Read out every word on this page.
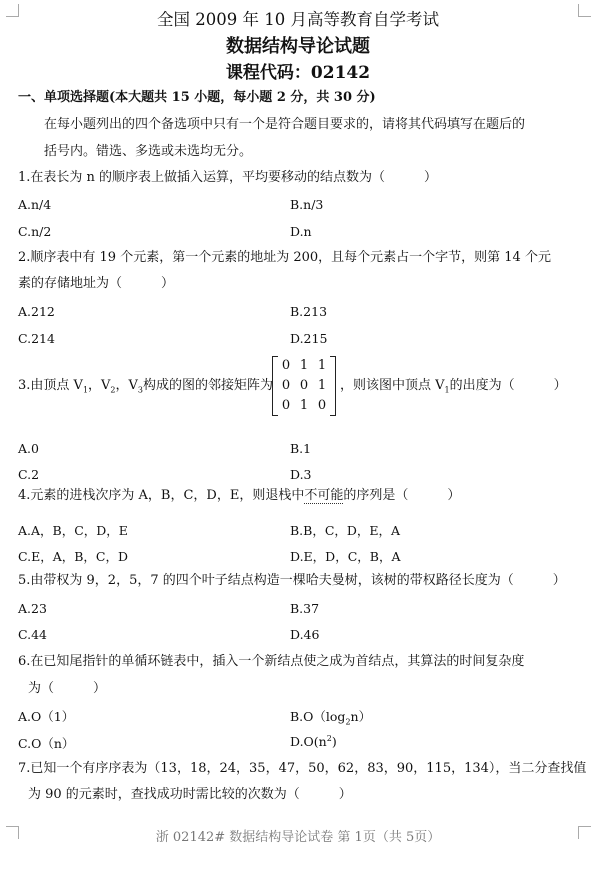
全国 2009 年 10 月高等教育自学考试
数据结构导论试题
课程代码：02142
一、单项选择题(本大题共 15 小题，每小题 2 分，共 30 分)
在每小题列出的四个备选项中只有一个是符合题目要求的，请将其代码填写在题后的
括号内。错选、多选或未选均无分。
1.在表长为 n 的顺序表上做插入运算，平均要移动的结点数为（　　　）
A.n/4	B.n/3
C.n/2	D.n
2.顺序表中有 19 个元素，第一个元素的地址为 200，且每个元素占一个字节，则第 14 个元
素的存储地址为（　　　）
A.212	B.213
C.214	D.215
3.由顶点 $V_1$，$V_2$，$V_3$构成的图的邻接矩阵为
0 1 1
0 0 1
0 1 0
，则该图中顶点 $V_1$的出度为（　　　）
A.0	B.1
C.2	D.3
4.元素的进栈次序为 A，B，C，D，E，则退栈中不可能的序列是（　　　）
A.A，B，C，D，E	B.B，C，D，E，A
C.E，A，B，C，D	D.E，D，C，B，A
5.由带权为 9，2，5，7 的四个叶子结点构造一棵哈夫曼树，该树的带权路径长度为（　　　）
A.23	B.37
C.44	D.46
6.在已知尾指针的单循环链表中，插入一个新结点使之成为首结点，其算法的时间复杂度
为（　　　）
A.O（1）	$B.O(\log_2n)$
C.O（n）	$D.O(n^2)$
7.已知一个有序序表为（13，18，24，35，47，50，62，83，90，115，134），当二分查找值
为 90 的元素时，查找成功时需比较的次数为（　　　）
浙 02142# 数据结构导论试卷 第 1页（共 5页）
